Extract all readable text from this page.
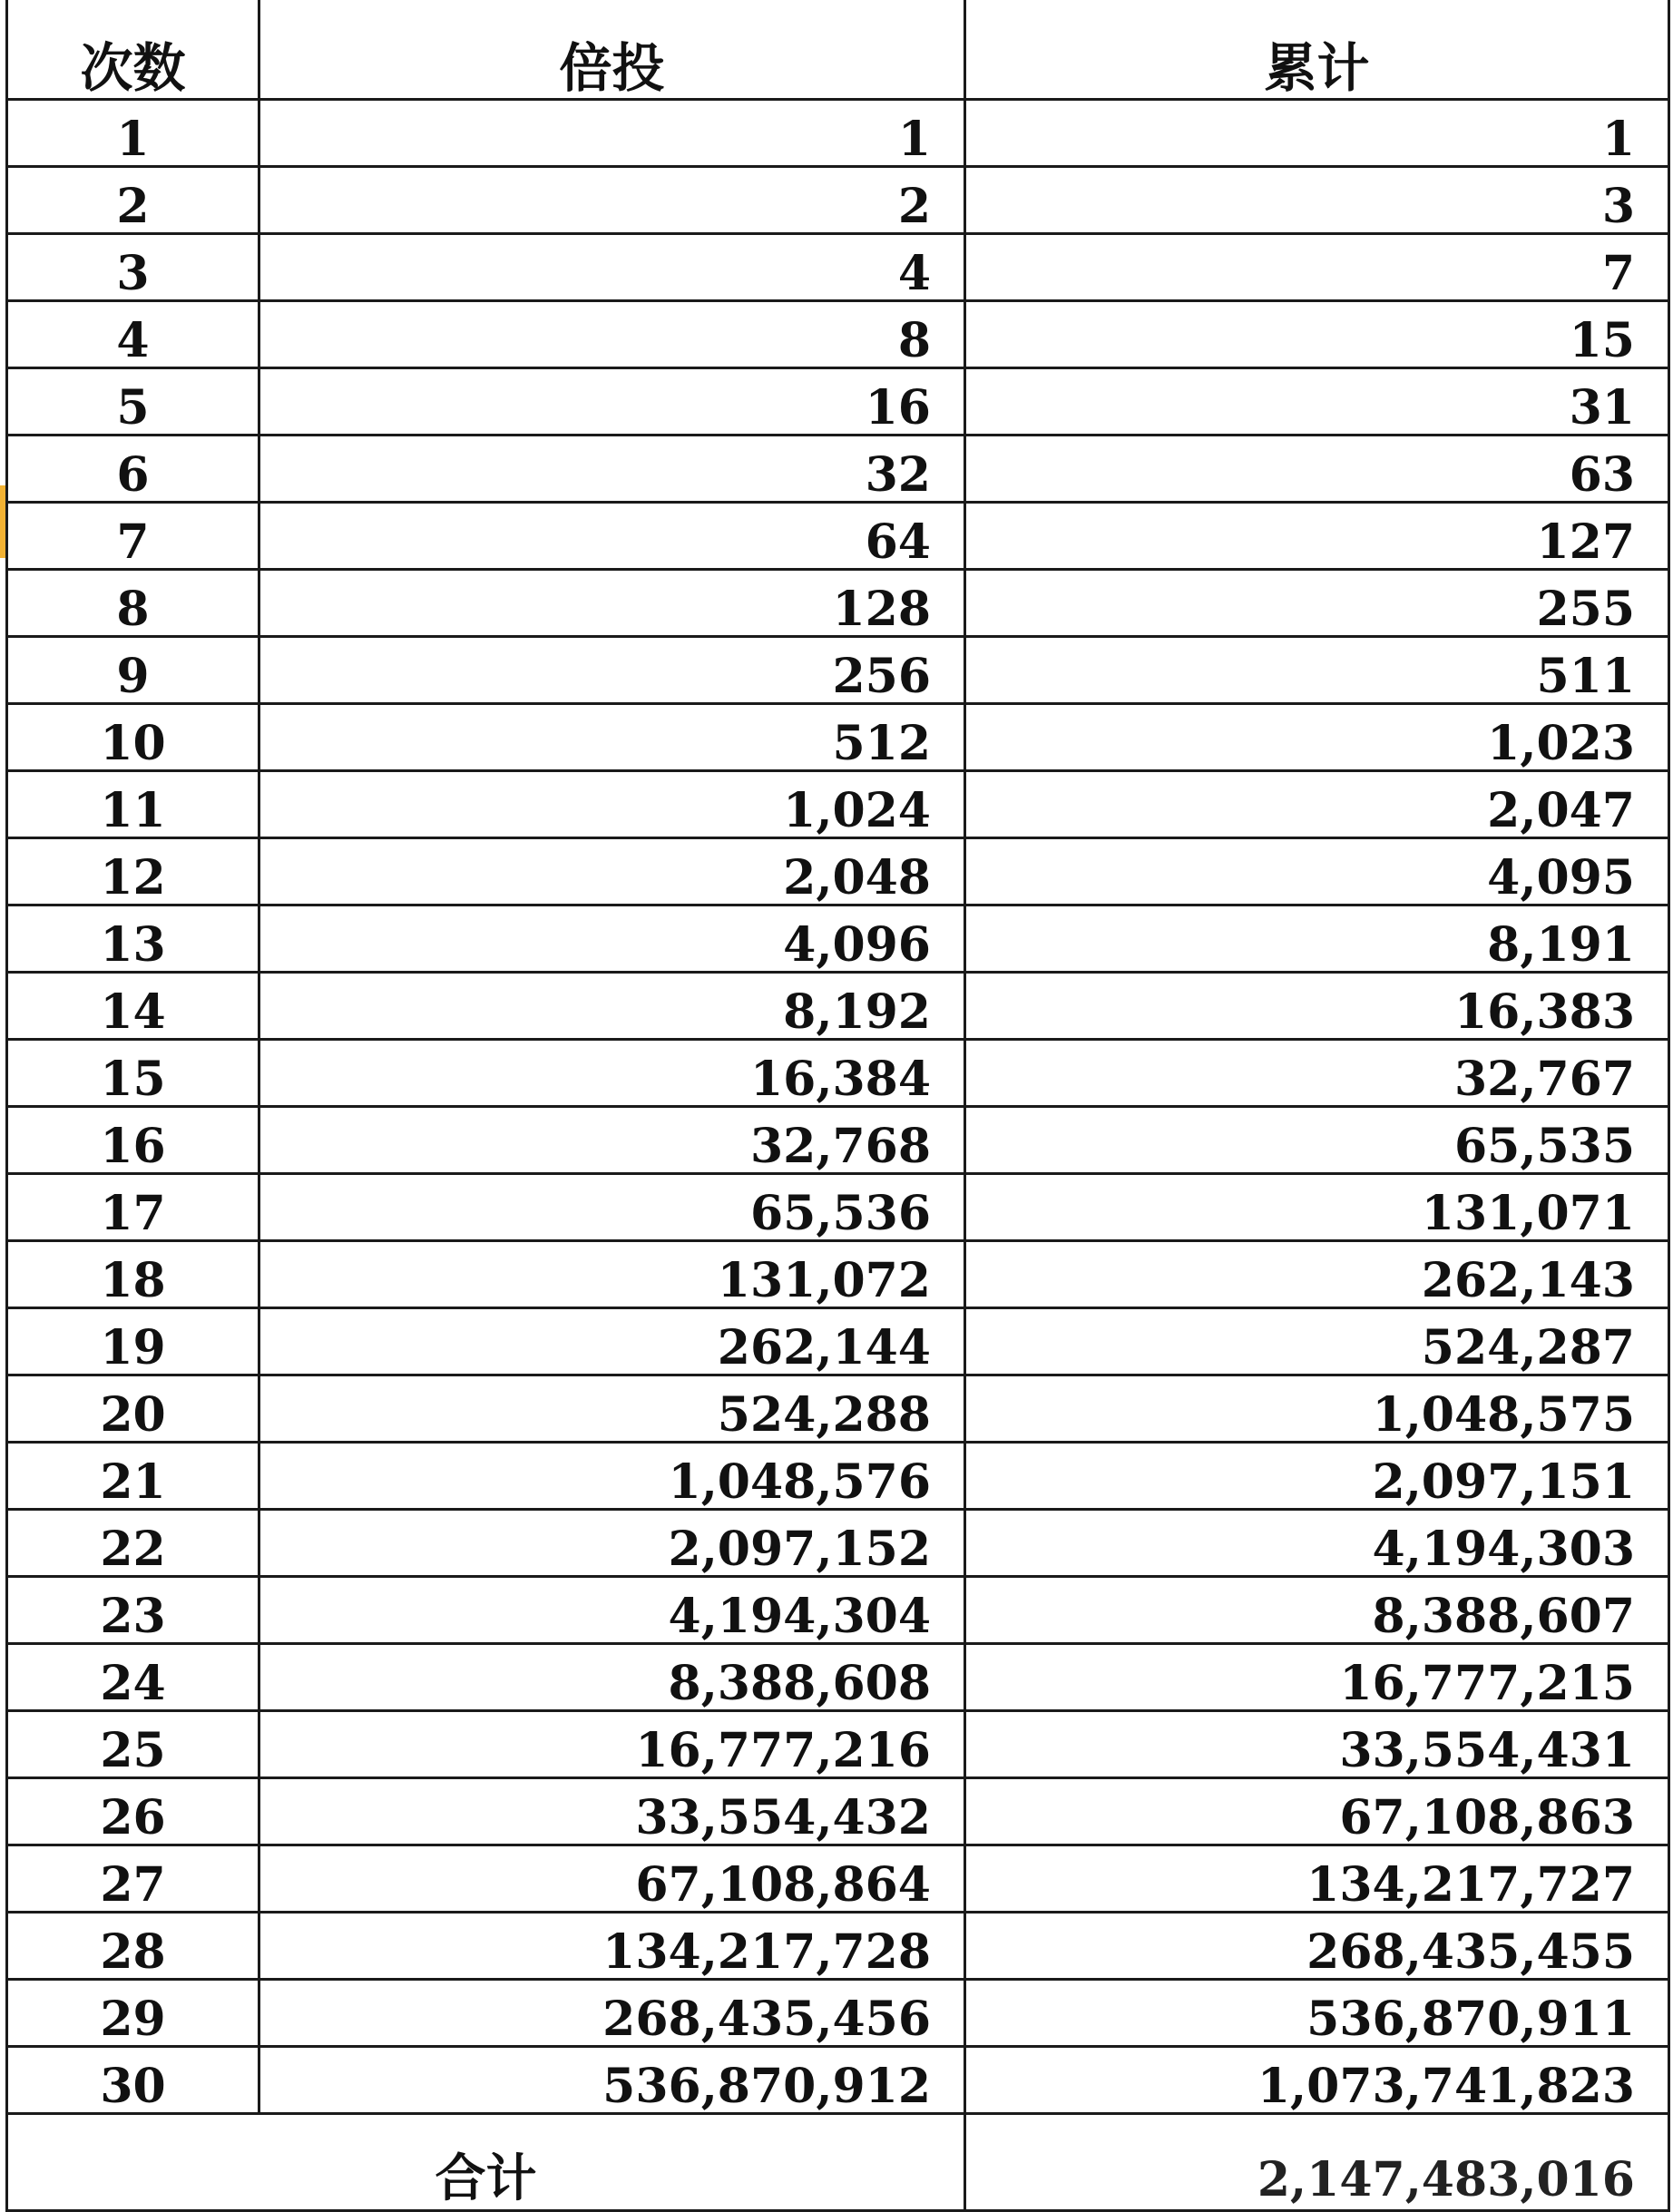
次数	倍投	累计
1	1	1
2	2	3
3	4	7
4	8	15
5	16	31
6	32	63
7	64	127
8	128	255
9	256	511
10	512	1,023
11	1,024	2,047
12	2,048	4,095
13	4,096	8,191
14	8,192	16,383
15	16,384	32,767
16	32,768	65,535
17	65,536	131,071
18	131,072	262,143
19	262,144	524,287
20	524,288	1,048,575
21	1,048,576	2,097,151
22	2,097,152	4,194,303
23	4,194,304	8,388,607
24	8,388,608	16,777,215
25	16,777,216	33,554,431
26	33,554,432	67,108,863
27	67,108,864	134,217,727
28	134,217,728	268,435,455
29	268,435,456	536,870,911
30	536,870,912	1,073,741,823
合计		2,147,483,016
